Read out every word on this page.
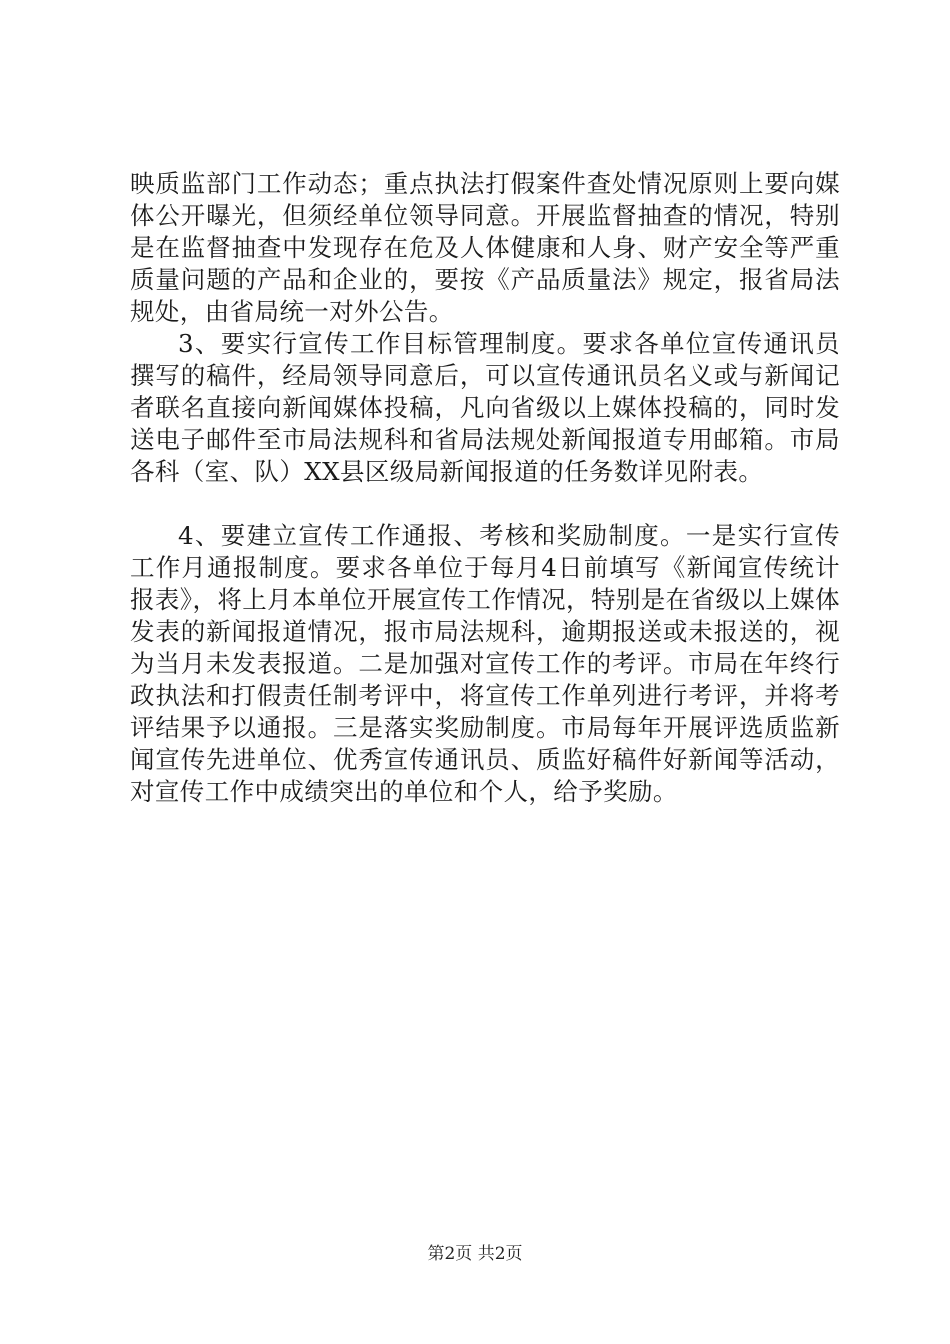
映质监部门工作动态；重点执法打假案件查处情况原则上要向媒体公开曝光，但须经单位领导同意。开展监督抽查的情况，特别是在监督抽查中发现存在危及人体健康和人身、财产安全等严重质量问题的产品和企业的，要按《产品质量法》规定，报省局法规处，由省局统一对外公告。

3、要实行宣传工作目标管理制度。要求各单位宣传通讯员撰写的稿件，经局领导同意后，可以宣传通讯员名义或与新闻记者联名直接向新闻媒体投稿，凡向省级以上媒体投稿的，同时发送电子邮件至市局法规科和省局法规处新闻报道专用邮箱。市局各科（室、队）XX县区级局新闻报道的任务数详见附表。

4、要建立宣传工作通报、考核和奖励制度。一是实行宣传工作月通报制度。要求各单位于每月4日前填写《新闻宣传统计报表》，将上月本单位开展宣传工作情况，特别是在省级以上媒体发表的新闻报道情况，报市局法规科，逾期报送或未报送的，视为当月未发表报道。二是加强对宣传工作的考评。市局在年终行政执法和打假责任制考评中，将宣传工作单列进行考评，并将考评结果予以通报。三是落实奖励制度。市局每年开展评选质监新闻宣传先进单位、优秀宣传通讯员、质监好稿件好新闻等活动，对宣传工作中成绩突出的单位和个人，给予奖励。

第2页 共2页
